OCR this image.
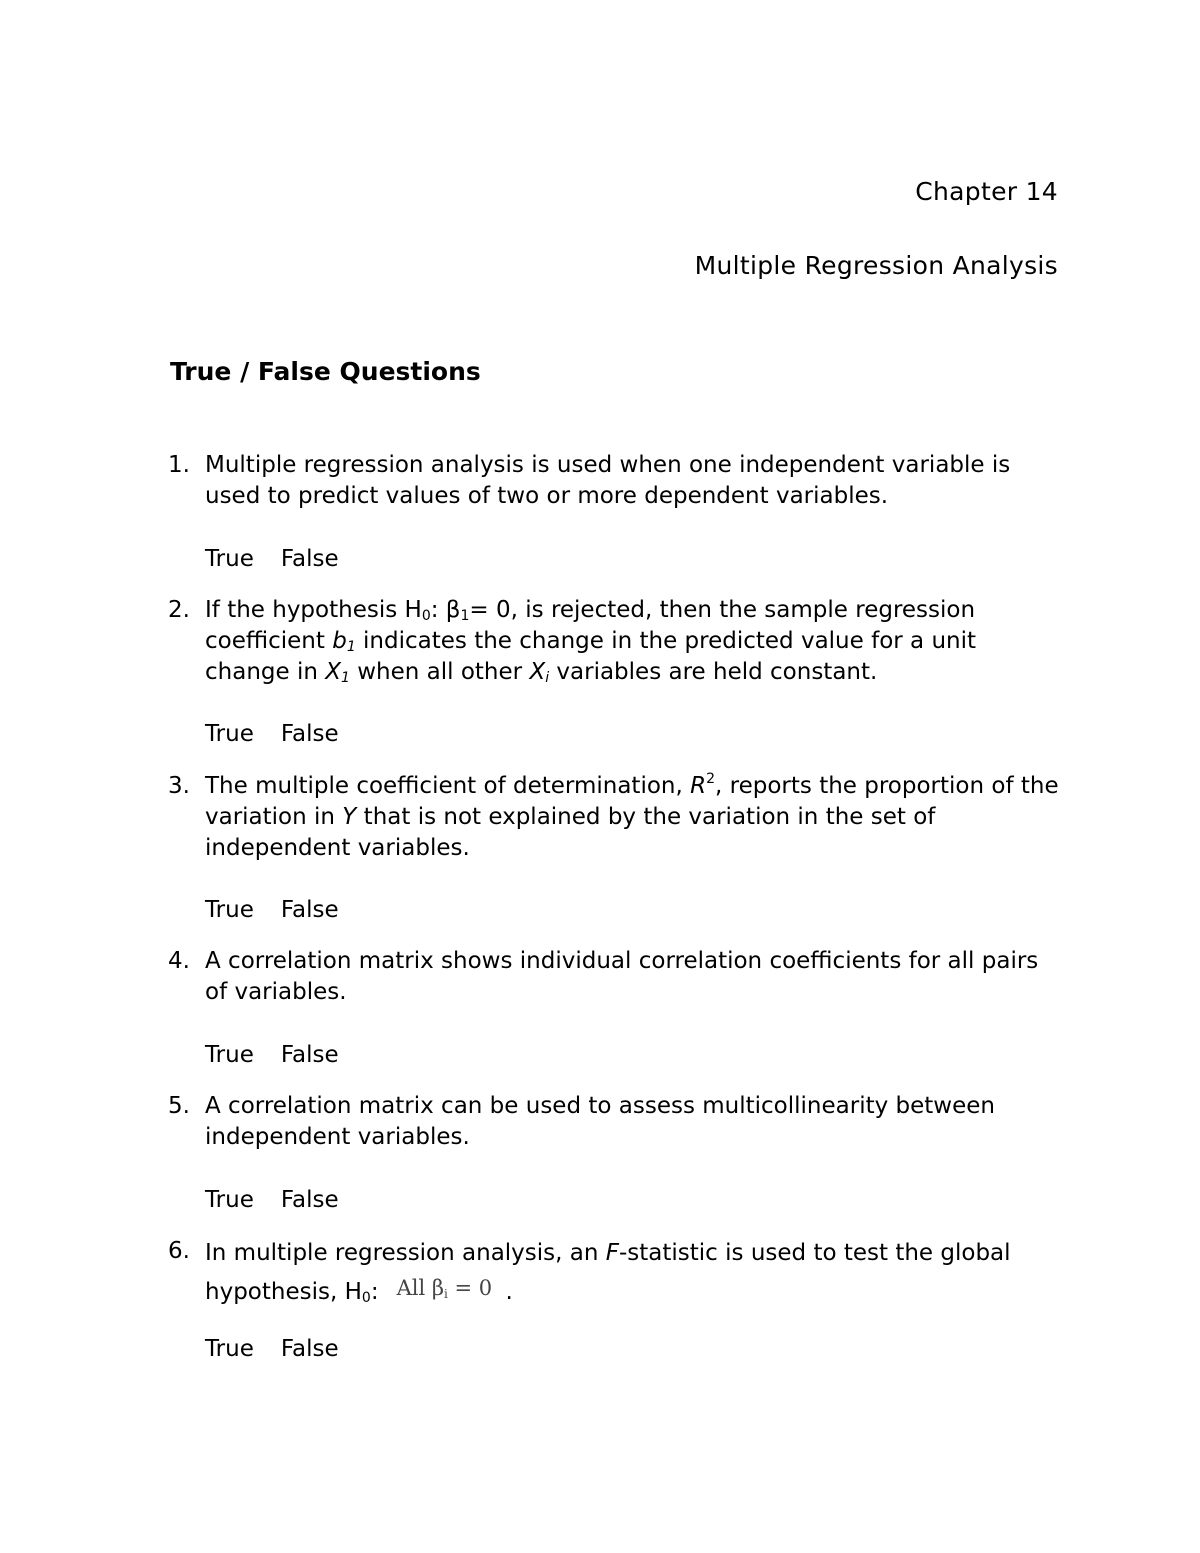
Chapter 14
Multiple Regression Analysis
True / False Questions
1. Multiple regression analysis is used when one independent variable is used to predict values of two or more dependent variables.
True False
2. If the hypothesis $H_0$: $\beta_1= 0$, is rejected, then the sample regression coefficient $b_1$ indicates the change in the predicted value for a unit change in $X_1$ when all other $X_i$ variables are held constant.
True False
3. The multiple coefficient of determination, $R^2$, reports the proportion of the variation in Y that is not explained by the variation in the set of independent variables.
True False
4. A correlation matrix shows individual correlation coefficients for all pairs of variables.
True False
5. A correlation matrix can be used to assess multicollinearity between independent variables.
True False
6. In multiple regression analysis, an F-statistic is used to test the global hypothesis, $H_0$: All βi = 0 .
True False
